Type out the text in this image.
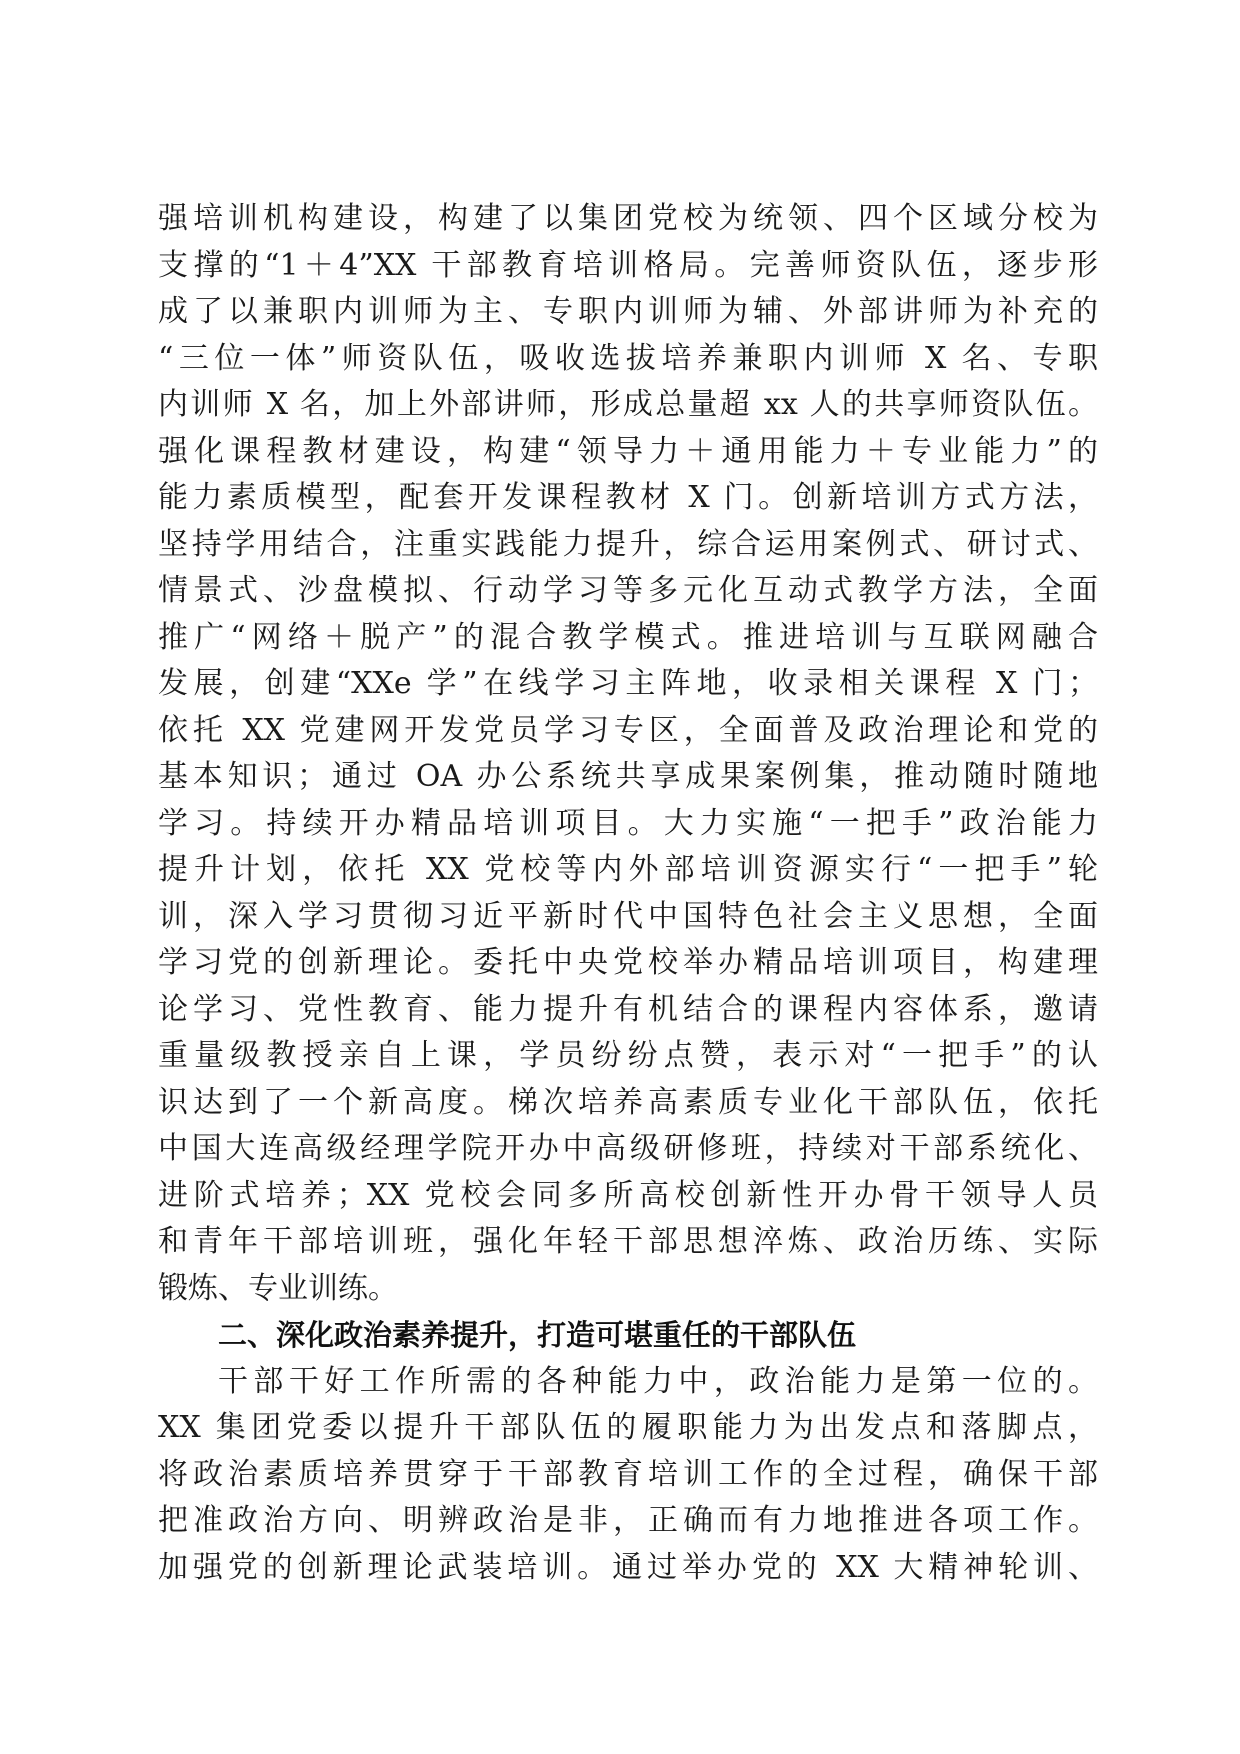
强培训机构建设，构建了以集团党校为统领、四个区域分校为
支撑的“1＋4”XX 干部教育培训格局。完善师资队伍，逐步形
成了以兼职内训师为主、专职内训师为辅、外部讲师为补充的
“三位一体”师资队伍，吸收选拔培养兼职内训师 X 名、专职
内训师 X 名，加上外部讲师，形成总量超 xx 人的共享师资队伍。
强化课程教材建设，构建“领导力＋通用能力＋专业能力”的
能力素质模型，配套开发课程教材 X 门。创新培训方式方法，
坚持学用结合，注重实践能力提升，综合运用案例式、研讨式、
情景式、沙盘模拟、行动学习等多元化互动式教学方法，全面
推广“网络＋脱产”的混合教学模式。推进培训与互联网融合
发展，创建“XXe 学”在线学习主阵地，收录相关课程 X 门；
依托 XX 党建网开发党员学习专区，全面普及政治理论和党的
基本知识；通过 OA 办公系统共享成果案例集，推动随时随地
学习。持续开办精品培训项目。大力实施“一把手”政治能力
提升计划，依托 XX 党校等内外部培训资源实行“一把手”轮
训，深入学习贯彻习近平新时代中国特色社会主义思想，全面
学习党的创新理论。委托中央党校举办精品培训项目，构建理
论学习、党性教育、能力提升有机结合的课程内容体系，邀请
重量级教授亲自上课，学员纷纷点赞，表示对“一把手”的认
识达到了一个新高度。梯次培养高素质专业化干部队伍，依托
中国大连高级经理学院开办中高级研修班，持续对干部系统化、
进阶式培养；XX 党校会同多所高校创新性开办骨干领导人员
和青年干部培训班，强化年轻干部思想淬炼、政治历练、实际
锻炼、专业训练。
二、深化政治素养提升，打造可堪重任的干部队伍
干部干好工作所需的各种能力中，政治能力是第一位的。
XX 集团党委以提升干部队伍的履职能力为出发点和落脚点，
将政治素质培养贯穿于干部教育培训工作的全过程，确保干部
把准政治方向、明辨政治是非，正确而有力地推进各项工作。
加强党的创新理论武装培训。通过举办党的 XX 大精神轮训、
